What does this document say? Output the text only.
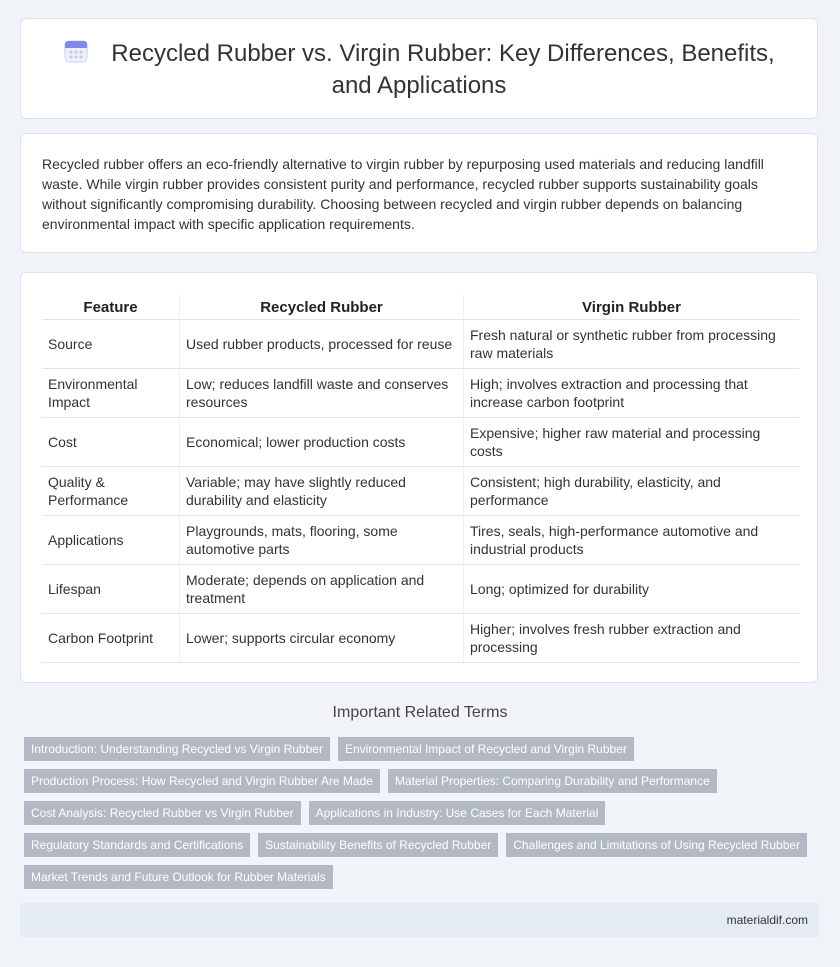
Recycled Rubber vs. Virgin Rubber: Key Differences, Benefits, and Applications

Recycled rubber offers an eco-friendly alternative to virgin rubber by repurposing used materials and reducing landfill waste. While virgin rubber provides consistent purity and performance, recycled rubber supports sustainability goals without significantly compromising durability. Choosing between recycled and virgin rubber depends on balancing environmental impact with specific application requirements.

Feature	Recycled Rubber	Virgin Rubber
Source	Used rubber products, processed for reuse	Fresh natural or synthetic rubber from processing raw materials
Environmental Impact	Low; reduces landfill waste and conserves resources	High; involves extraction and processing that increase carbon footprint
Cost	Economical; lower production costs	Expensive; higher raw material and processing costs
Quality & Performance	Variable; may have slightly reduced durability and elasticity	Consistent; high durability, elasticity, and performance
Applications	Playgrounds, mats, flooring, some automotive parts	Tires, seals, high-performance automotive and industrial products
Lifespan	Moderate; depends on application and treatment	Long; optimized for durability
Carbon Footprint	Lower; supports circular economy	Higher; involves fresh rubber extraction and processing
Important Related Terms
Introduction: Understanding Recycled vs Virgin Rubber	Environmental Impact of Recycled and Virgin Rubber
Production Process: How Recycled and Virgin Rubber Are Made	Material Properties: Comparing Durability and Performance
Cost Analysis: Recycled Rubber vs Virgin Rubber	Applications in Industry: Use Cases for Each Material
Regulatory Standards and Certifications	Sustainability Benefits of Recycled Rubber	Challenges and Limitations of Using Recycled Rubber
Market Trends and Future Outlook for Rubber Materials
materialdif.com
